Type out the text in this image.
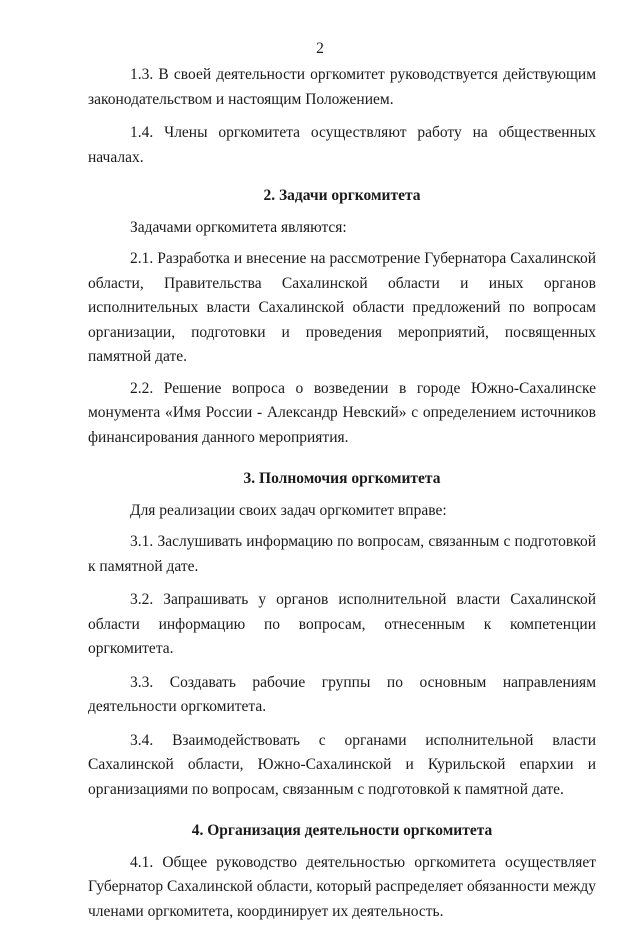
2

1.3. В своей деятельности оргкомитет руководствуется действующим законодательством и настоящим Положением.

1.4. Члены оргкомитета осуществляют работу на общественных началах.

2. Задачи оргкомитета

Задачами оргкомитета являются:

2.1. Разработка и внесение на рассмотрение Губернатора Сахалинской области, Правительства Сахалинской области и иных органов исполнительных власти Сахалинской области предложений по вопросам организации, подготовки и проведения мероприятий, посвященных памятной дате.

2.2. Решение вопроса о возведении в городе Южно-Сахалинске монумента «Имя России - Александр Невский» с определением источников финансирования данного мероприятия.

3. Полномочия оргкомитета

Для реализации своих задач оргкомитет вправе:

3.1. Заслушивать информацию по вопросам, связанным с подготовкой к памятной дате.

3.2. Запрашивать у органов исполнительной власти Сахалинской области информацию по вопросам, отнесенным к компетенции оргкомитета.

3.3. Создавать рабочие группы по основным направлениям деятельности оргкомитета.

3.4. Взаимодействовать с органами исполнительной власти Сахалинской области, Южно-Сахалинской и Курильской епархии и организациями по вопросам, связанным с подготовкой к памятной дате.

4. Организация деятельности оргкомитета

4.1. Общее руководство деятельностью оргкомитета осуществляет Губернатор Сахалинской области, который распределяет обязанности между членами оргкомитета, координирует их деятельность.
